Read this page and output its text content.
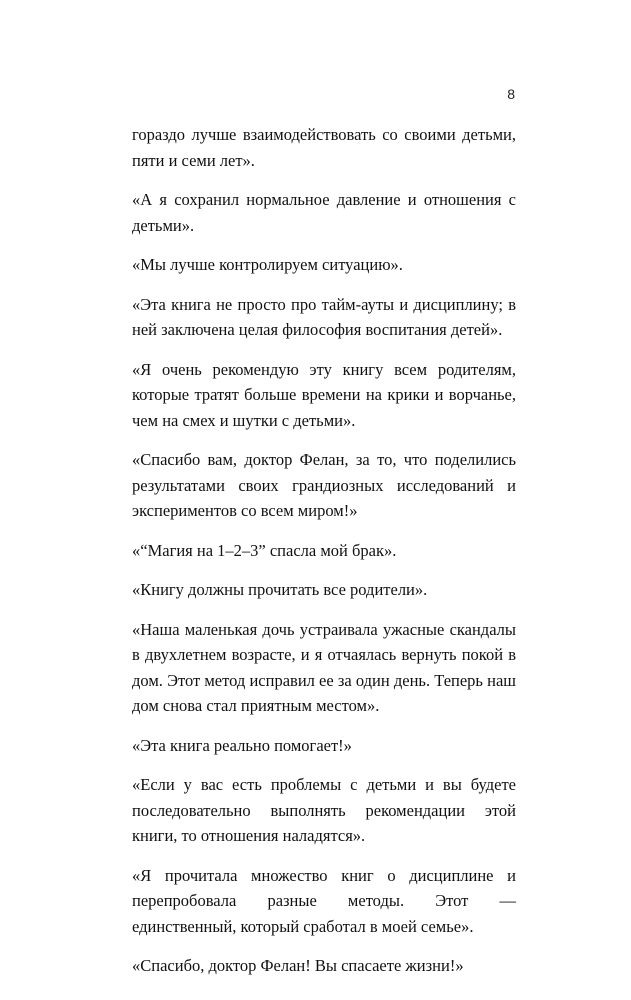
8

гораздо лучше взаимодействовать со своими детьми, пяти и семи лет».

«А я сохранил нормальное давление и отношения с детьми».

«Мы лучше контролируем ситуацию».

«Эта книга не просто про тайм-ауты и дисциплину; в ней заключена целая философия воспитания детей».

«Я очень рекомендую эту книгу всем родителям, которые тратят больше времени на крики и ворчанье, чем на смех и шутки с детьми».

«Спасибо вам, доктор Фелан, за то, что поделились результатами своих грандиозных исследований и экспериментов со всем миром!»

«“Магия на 1–2–3” спасла мой брак».

«Книгу должны прочитать все родители».

«Наша маленькая дочь устраивала ужасные скандалы в двухлетнем возрасте, и я отчаялась вернуть покой в дом. Этот метод исправил ее за один день. Теперь наш дом снова стал приятным местом».

«Эта книга реально помогает!»

«Если у вас есть проблемы с детьми и вы будете последовательно выполнять рекомендации этой книги, то отношения наладятся».

«Я прочитала множество книг о дисциплине и перепробовала разные методы. Этот — единственный, который сработал в моей семье».

«Спасибо, доктор Фелан! Вы спасаете жизни!»
